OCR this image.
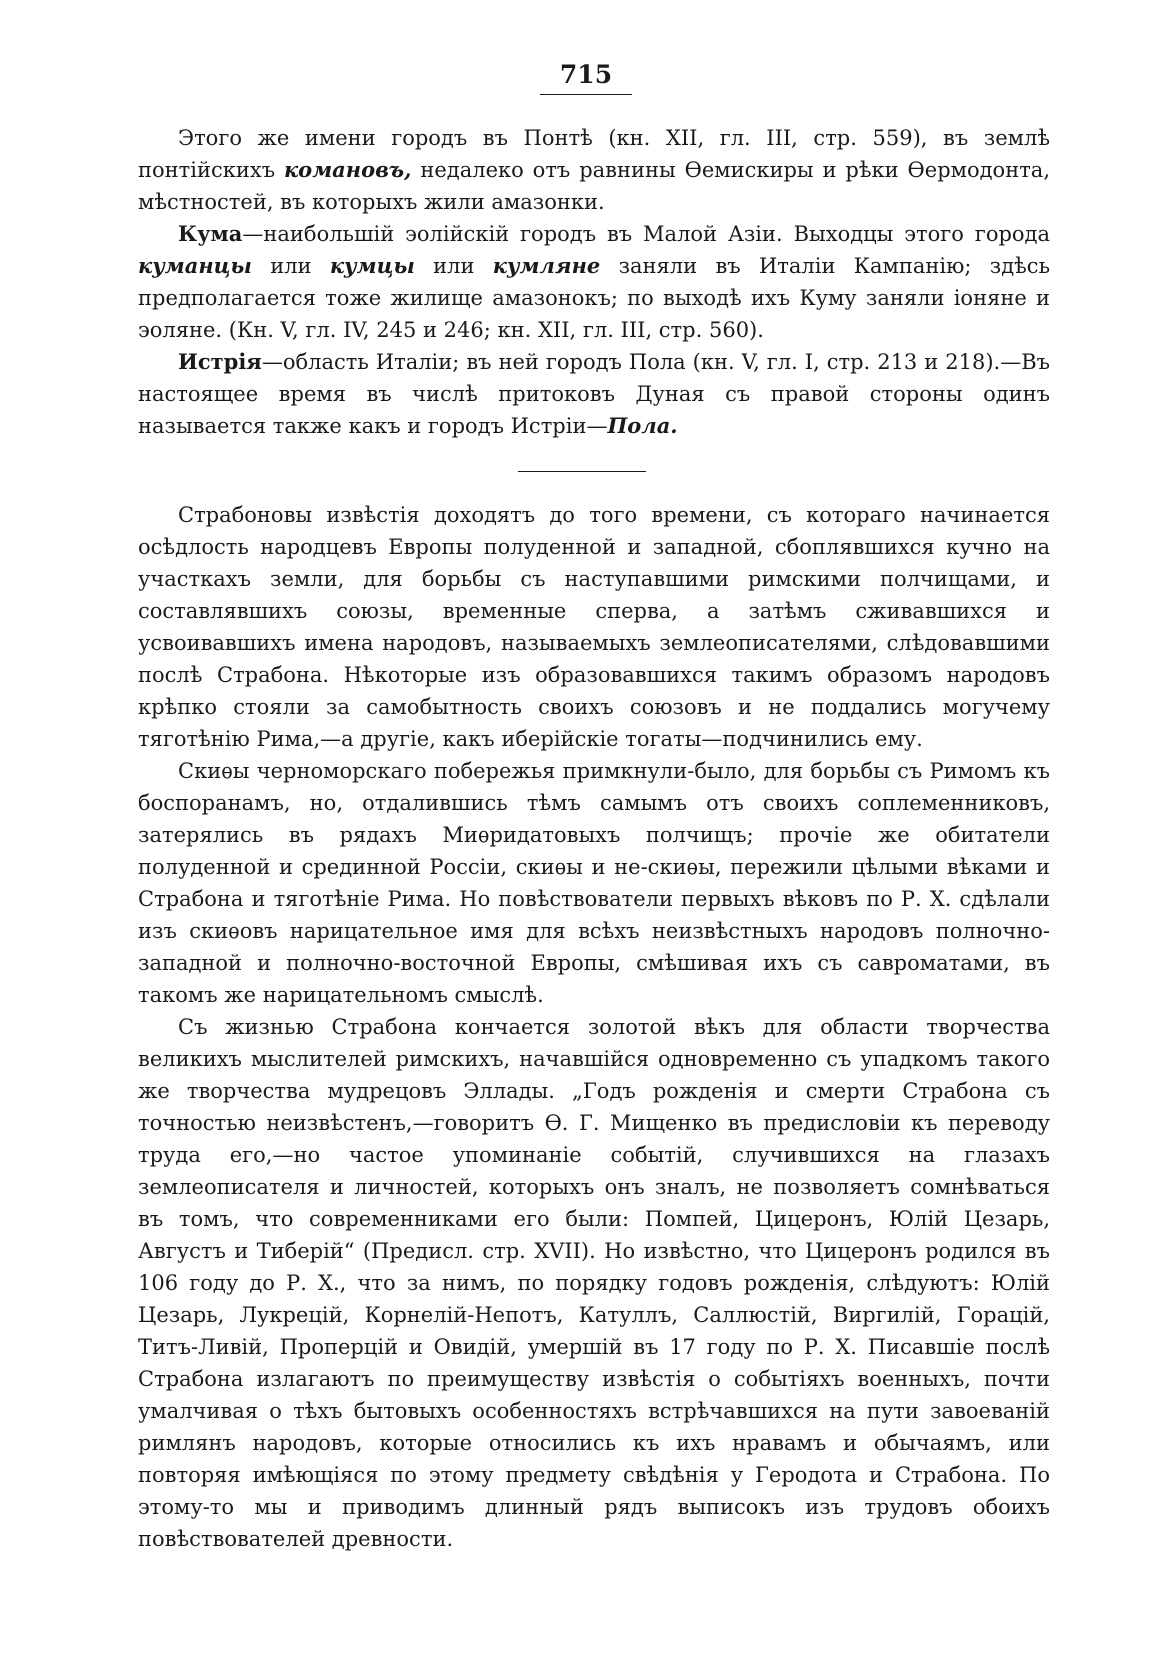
715

Этого же имени городъ въ Понтѣ (кн. XII, гл. III, стр. 559), въ землѣ понтійскихъ комановъ, недалеко отъ равнины Ѳемискиры и рѣки Ѳермодонта, мѣстностей, въ которыхъ жили амазонки.

Кума—наибольшій эолійскій городъ въ Малой Азіи. Выходцы этого города куманцы или кумцы или кумляне заняли въ Италіи Кампанію; здѣсь предполагается тоже жилище амазонокъ; по выходѣ ихъ Куму заняли іоняне и эоляне. (Кн. V, гл. IV, 245 и 246; кн. XII, гл. III, стр. 560).

Истрія—область Италіи; въ ней городъ Пола (кн. V, гл. I, стр. 213 и 218).—Въ настоящее время въ числѣ притоковъ Дуная съ правой стороны одинъ называется также какъ и городъ Истріи—Пола.

Страбоновы извѣстія доходятъ до того времени, съ котораго начинается осѣдлость народцевъ Европы полуденной и западной, сбоплявшихся кучно на участкахъ земли, для борьбы съ наступавшими римскими полчищами, и составлявшихъ союзы, временные сперва, а затѣмъ сживавшихся и усвоивавшихъ имена народовъ, называемыхъ землеописателями, слѣдовавшими послѣ Страбона. Нѣкоторые изъ образовавшихся такимъ образомъ народовъ крѣпко стояли за самобытность своихъ союзовъ и не поддались могучему тяготѣнію Рима,—а другіе, какъ иберійскіе тогаты—подчинились ему.

Скиѳы черноморскаго побережья примкнули-было, для борьбы съ Римомъ къ боспоранамъ, но, отдалившись тѣмъ самымъ отъ своихъ соплеменниковъ, затерялись въ рядахъ Миѳридатовыхъ полчищъ; прочіе же обитатели полуденной и срединной Россіи, скиѳы и не-скиѳы, пережили цѣлыми вѣками и Страбона и тяготѣніе Рима. Но повѣствователи первыхъ вѣковъ по Р. Х. сдѣлали изъ скиѳовъ нарицательное имя для всѣхъ неизвѣстныхъ народовъ полночно-западной и полночно-восточной Европы, смѣшивая ихъ съ савроматами, въ такомъ же нарицательномъ смыслѣ.

Съ жизнью Страбона кончается золотой вѣкъ для области творчества великихъ мыслителей римскихъ, начавшійся одновременно съ упадкомъ такого же творчества мудрецовъ Эллады. „Годъ рожденія и смерти Страбона съ точностью неизвѣстенъ,—говоритъ Ѳ. Г. Мищенко въ предисловіи къ переводу труда его,—но частое упоминаніе событій, случившихся на глазахъ землеописателя и личностей, которыхъ онъ зналъ, не позволяетъ сомнѣваться въ томъ, что современниками его были: Помпей, Цицеронъ, Юлій Цезарь, Августъ и Тиберій“ (Предисл. стр. XVII). Но извѣстно, что Цицеронъ родился въ 106 году до Р. Х., что за нимъ, по порядку годовъ рожденія, слѣдуютъ: Юлій Цезарь, Лукрецій, Корнелій-Непотъ, Катуллъ, Саллюстій, Виргилій, Горацій, Титъ-Ливій, Проперцій и Овидій, умершій въ 17 году по Р. Х. Писавшіе послѣ Страбона излагаютъ по преимуществу извѣстія о событіяхъ военныхъ, почти умалчивая о тѣхъ бытовыхъ особенностяхъ встрѣчавшихся на пути завоеваній римлянъ народовъ, которые относились къ ихъ нравамъ и обычаямъ, или повторяя имѣющіяся по этому предмету свѣдѣнія у Геродота и Страбона. По этому-то мы и приводимъ длинный рядъ выписокъ изъ трудовъ обоихъ повѣствователей древности.
